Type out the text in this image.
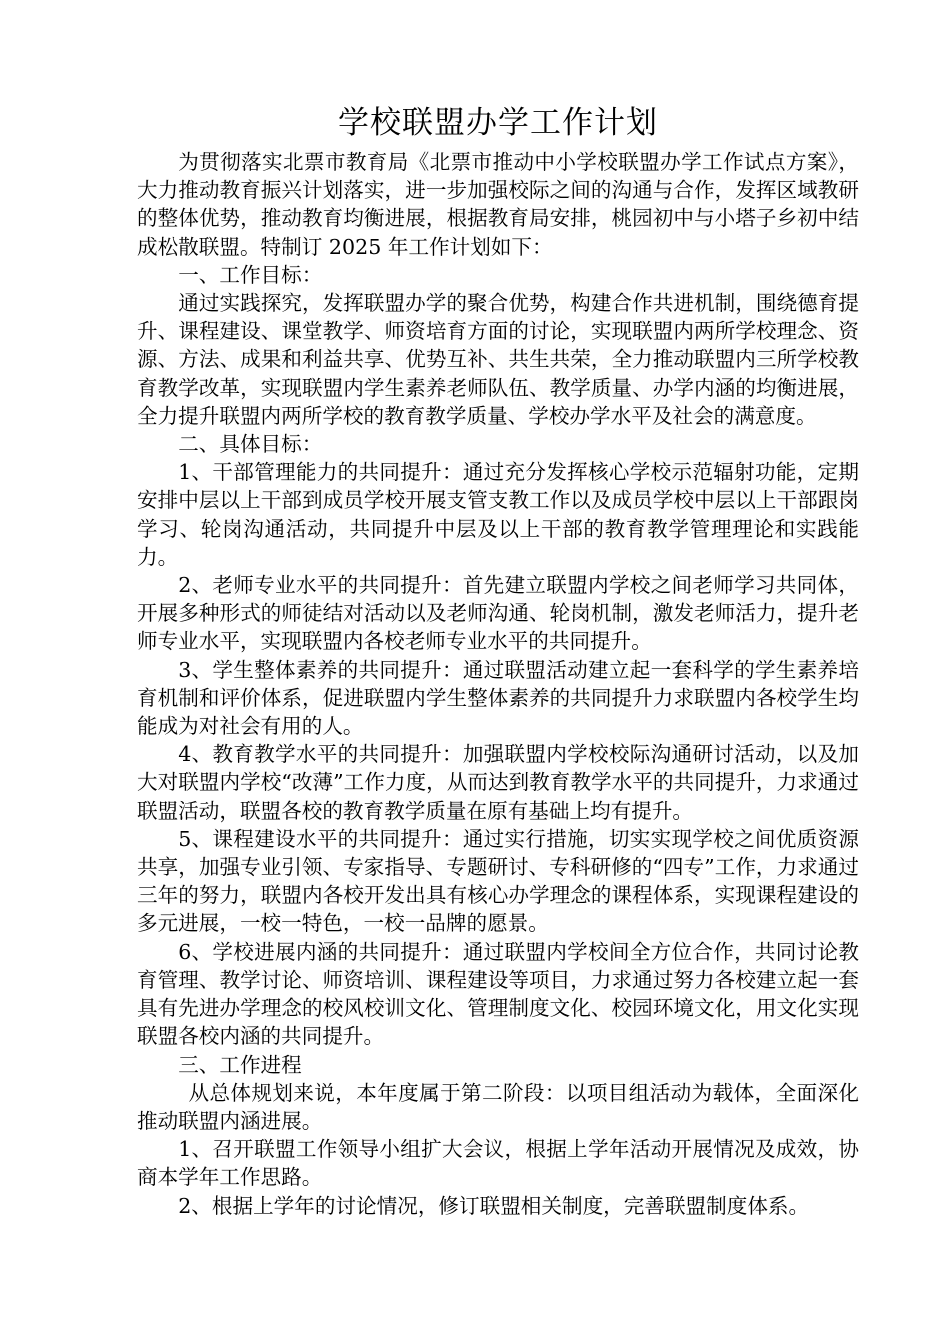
学校联盟办学工作计划

为贯彻落实北票市教育局《北票市推动中小学校联盟办学工作试点方案》，大力推动教育振兴计划落实，进一步加强校际之间的沟通与合作，发挥区域教研的整体优势，推动教育均衡进展，根据教育局安排，桃园初中与小塔子乡初中结成松散联盟。特制订 2025 年工作计划如下：

一、工作目标：

通过实践探究，发挥联盟办学的聚合优势，构建合作共进机制，围绕德育提升、课程建设、课堂教学、师资培育方面的讨论，实现联盟内两所学校理念、资源、方法、成果和利益共享、优势互补、共生共荣，全力推动联盟内三所学校教育教学改革，实现联盟内学生素养老师队伍、教学质量、办学内涵的均衡进展，全力提升联盟内两所学校的教育教学质量、学校办学水平及社会的满意度。

二、具体目标：

1、干部管理能力的共同提升：通过充分发挥核心学校示范辐射功能，定期安排中层以上干部到成员学校开展支管支教工作以及成员学校中层以上干部跟岗学习、轮岗沟通活动，共同提升中层及以上干部的教育教学管理理论和实践能力。

2、老师专业水平的共同提升：首先建立联盟内学校之间老师学习共同体，开展多种形式的师徒结对活动以及老师沟通、轮岗机制，激发老师活力，提升老师专业水平，实现联盟内各校老师专业水平的共同提升。

3、学生整体素养的共同提升：通过联盟活动建立起一套科学的学生素养培育机制和评价体系，促进联盟内学生整体素养的共同提升力求联盟内各校学生均能成为对社会有用的人。

4、教育教学水平的共同提升：加强联盟内学校校际沟通研讨活动，以及加大对联盟内学校“改薄”工作力度，从而达到教育教学水平的共同提升，力求通过联盟活动，联盟各校的教育教学质量在原有基础上均有提升。

5、课程建设水平的共同提升：通过实行措施，切实实现学校之间优质资源共享，加强专业引领、专家指导、专题研讨、专科研修的“四专”工作，力求通过三年的努力，联盟内各校开发出具有核心办学理念的课程体系，实现课程建设的多元进展，一校一特色，一校一品牌的愿景。

6、学校进展内涵的共同提升：通过联盟内学校间全方位合作，共同讨论教育管理、教学讨论、师资培训、课程建设等项目，力求通过努力各校建立起一套具有先进办学理念的校风校训文化、管理制度文化、校园环境文化，用文化实现联盟各校内涵的共同提升。

三、工作进程

从总体规划来说，本年度属于第二阶段：以项目组活动为载体，全面深化推动联盟内涵进展。

1、召开联盟工作领导小组扩大会议，根据上学年活动开展情况及成效，协商本学年工作思路。

2、根据上学年的讨论情况，修订联盟相关制度，完善联盟制度体系。
